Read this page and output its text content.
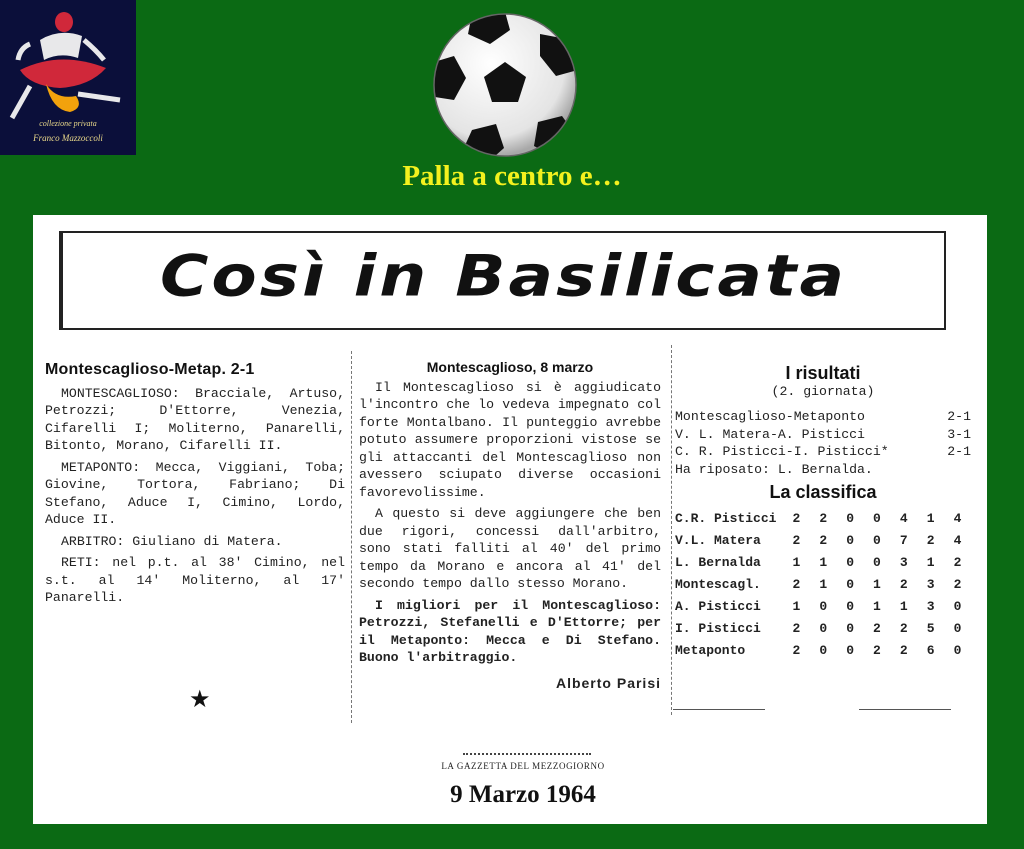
collezione privata
Franco Mazzoccoli
Palla a centro e…
Così in Basilicata
Montescaglioso-Metap. 2-1

MONTESCAGLIOSO: Bracciale, Artuso, Petrozzi; D'Ettorre, Venezia, Cifarelli I; Moliterno, Panarelli, Bitonto, Morano, Cifarelli II.

METAPONTO: Mecca, Viggiani, Toba; Giovine, Tortora, Fabriano; Di Stefano, Aduce I, Cimino, Lordo, Aduce II.

ARBITRO: Giuliano di Matera.

RETI: nel p.t. al 38' Cimino, nel s.t. al 14' Moliterno, al 17' Panarelli.

★
Montescaglioso, 8 marzo

Il Montescaglioso si è aggiudicato l'incontro che lo vedeva impegnato col forte Montalbano. Il punteggio avrebbe potuto assumere proporzioni vistose se gli attaccanti del Montescaglioso non avessero sciupato diverse occasioni favorevolissime.

A questo si deve aggiungere che ben due rigori, concessi dall'arbitro, sono stati falliti al 40' del primo tempo da Morano e ancora al 41' del secondo tempo dallo stesso Morano.

I migliori per il Montescaglioso: Petrozzi, Stefanelli e D'Ettorre; per il Metaponto: Mecca e Di Stefano. Buono l'arbitraggio.

Alberto Parisi
I risultati
(2. giornata)
Montescaglioso-Metaponto	2-1
V. L. Matera-A. Pisticci	3-1
C. R. Pisticci-I. Pisticci*	2-1
Ha riposato: L. Bernalda.
La classifica
C.R. Pisticci	2	2	0	0	4	1	4
V.L. Matera	2	2	0	0	7	2	4
L. Bernalda	1	1	0	0	3	1	2
Montescagl.	2	1	0	1	2	3	2
A. Pisticci	1	0	0	1	1	3	0
I. Pisticci	2	0	0	2	2	5	0
Metaponto	2	0	0	2	2	6	0
LA GAZZETTA DEL MEZZOGIORNO
9 Marzo 1964
